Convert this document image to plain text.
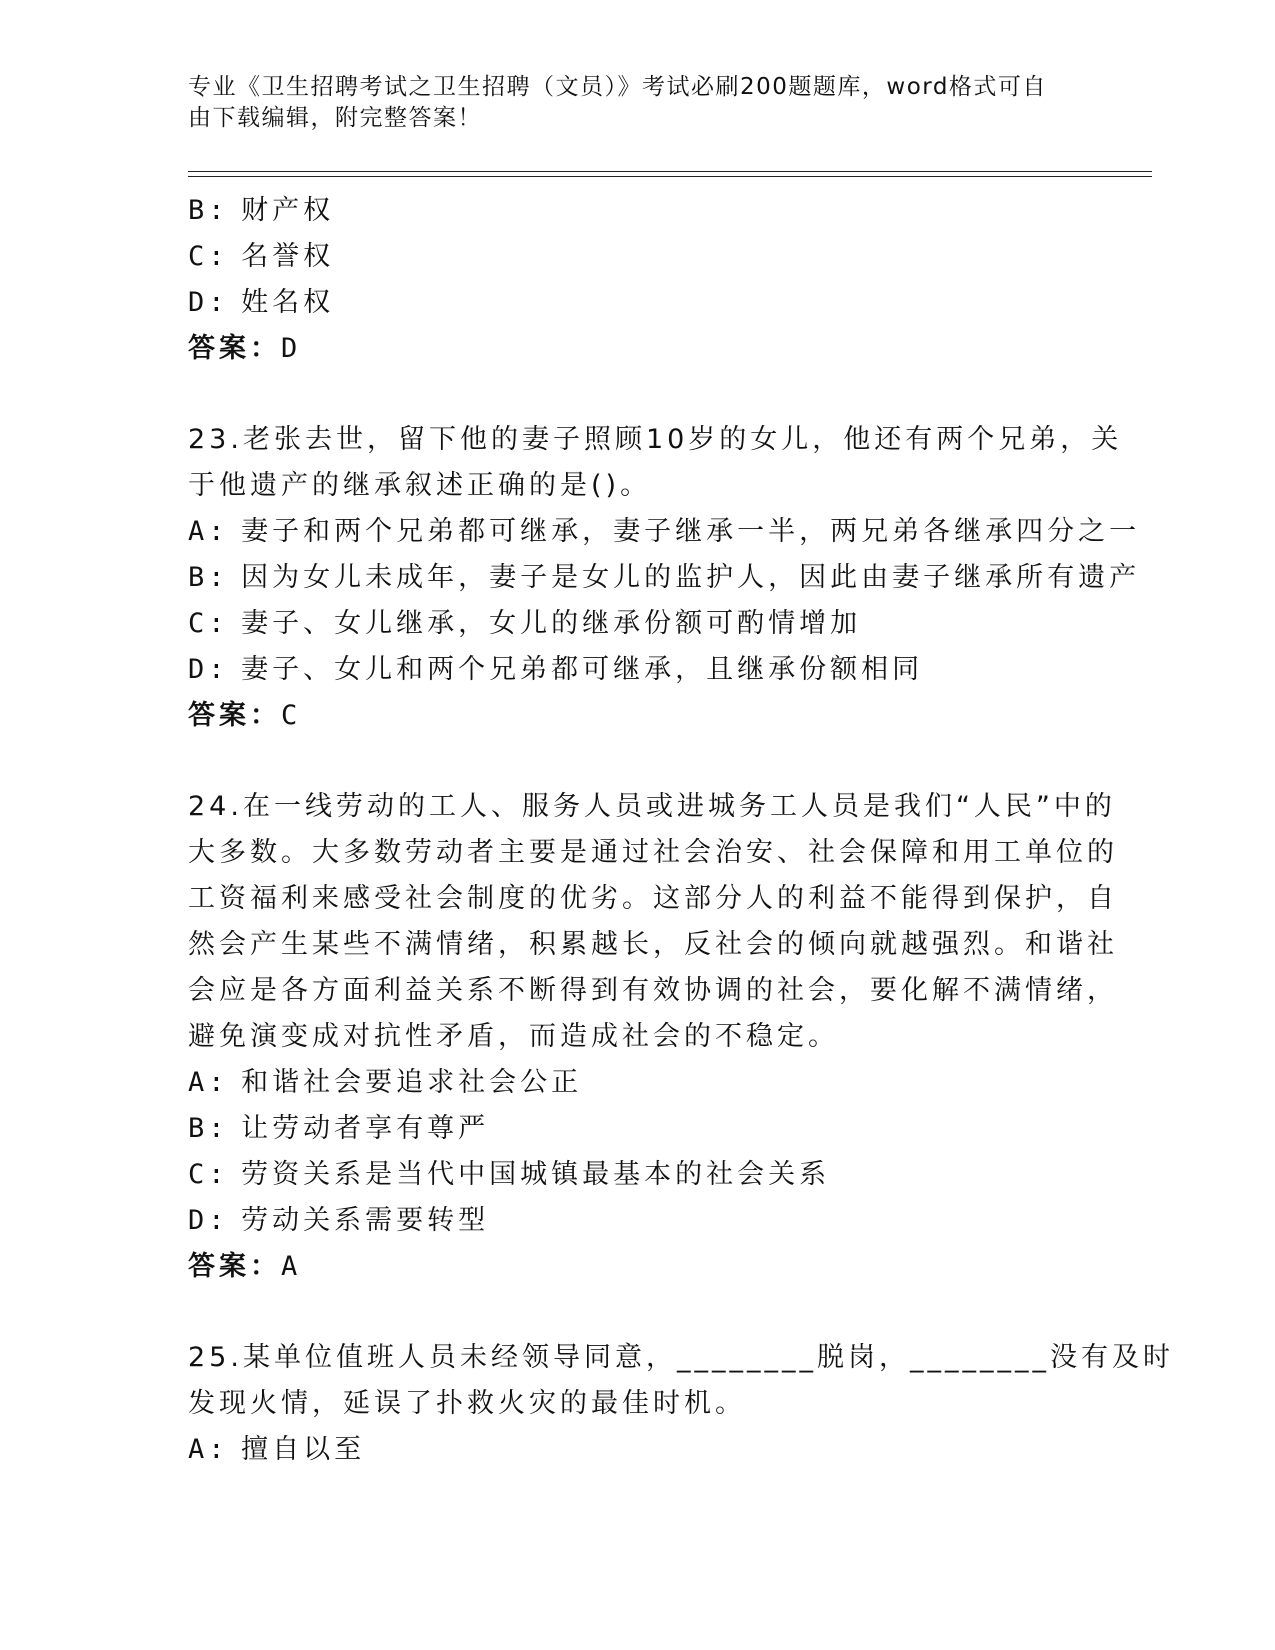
专业《卫生招聘考试之卫生招聘（文员）》考试必刷200题题库，word格式可自由下载编辑，附完整答案！
B: 财产权
C: 名誉权
D: 姓名权
答案：D
23.老张去世，留下他的妻子照顾10岁的女儿，他还有两个兄弟，关
于他遗产的继承叙述正确的是()。
A: 妻子和两个兄弟都可继承，妻子继承一半，两兄弟各继承四分之一
B: 因为女儿未成年，妻子是女儿的监护人，因此由妻子继承所有遗产
C: 妻子、女儿继承，女儿的继承份额可酌情增加
D: 妻子、女儿和两个兄弟都可继承，且继承份额相同
答案：C
24.在一线劳动的工人、服务人员或进城务工人员是我们“人民”中的
大多数。大多数劳动者主要是通过社会治安、社会保障和用工单位的
工资福利来感受社会制度的优劣。这部分人的利益不能得到保护，自
然会产生某些不满情绪，积累越长，反社会的倾向就越强烈。和谐社
会应是各方面利益关系不断得到有效协调的社会，要化解不满情绪，
避免演变成对抗性矛盾，而造成社会的不稳定。
A: 和谐社会要追求社会公正
B: 让劳动者享有尊严
C: 劳资关系是当代中国城镇最基本的社会关系
D: 劳动关系需要转型
答案：A
25.某单位值班人员未经领导同意，________脱岗，________没有及时
发现火情，延误了扑救火灾的最佳时机。
A: 擅自以至
